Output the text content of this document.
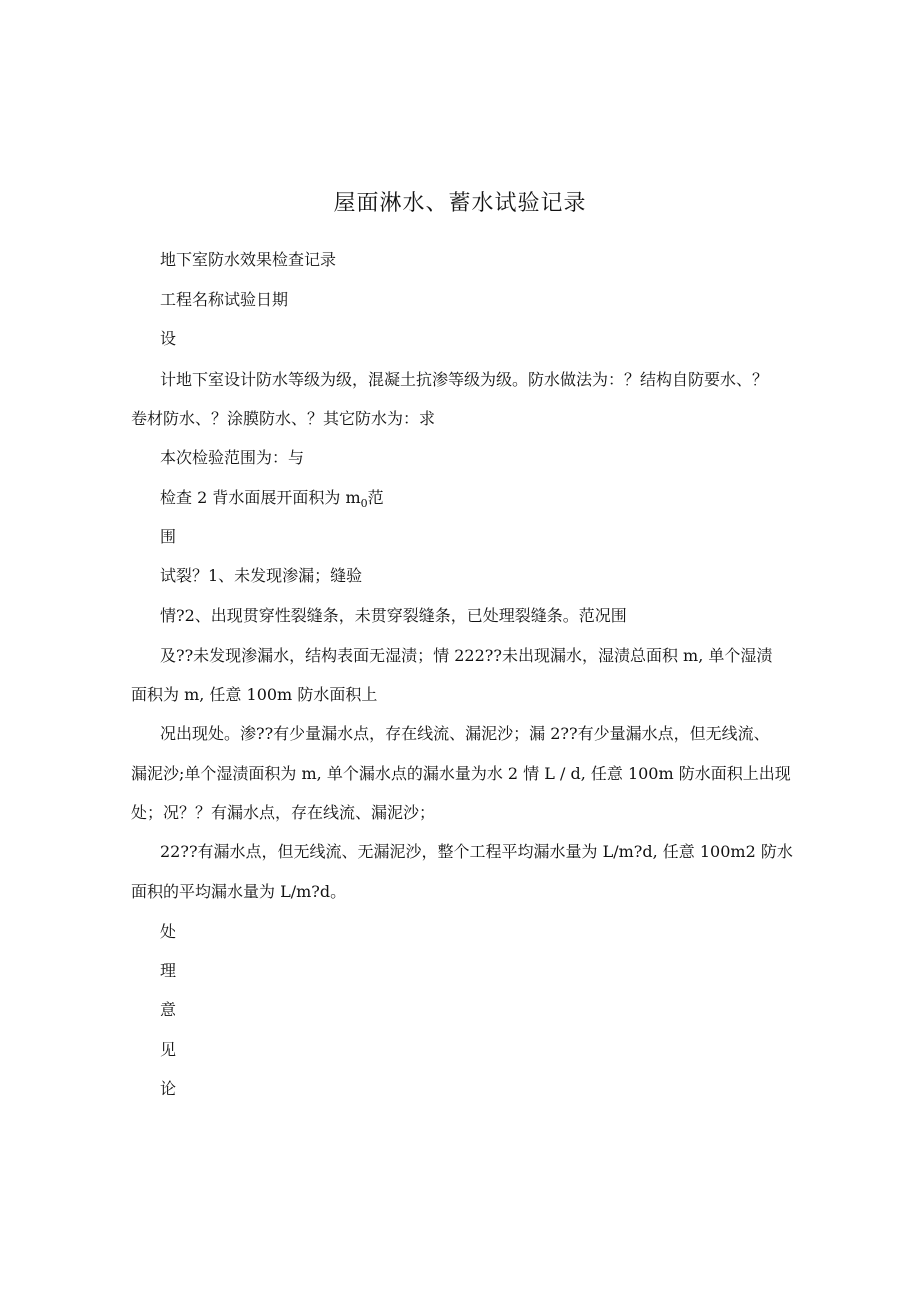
屋面淋水、蓄水试验记录

地下室防水效果检查记录

工程名称试验日期

设

计地下室设计防水等级为级，混凝土抗渗等级为级。防水做法为：？结构自防要水、？

卷材防水、？涂膜防水、？其它防水为：求

本次检验范围为：与

检查 2 背水面展开面积为 $m_0$范

围

试裂？1、未发现渗漏；缝验

情?2、出现贯穿性裂缝条，未贯穿裂缝条，已处理裂缝条。范况围

及??未发现渗漏水，结构表面无湿渍；情 222??未出现漏水，湿渍总面积 m, 单个湿渍

面积为 m, 任意 100m 防水面积上

况出现处。渗??有少量漏水点，存在线流、漏泥沙；漏 2??有少量漏水点，但无线流、

漏泥沙;单个湿渍面积为 m, 单个漏水点的漏水量为水 2 情 L / d, 任意 100m 防水面积上出现

处；况？？有漏水点，存在线流、漏泥沙；

22??有漏水点，但无线流、无漏泥沙，整个工程平均漏水量为 L/m?d, 任意 100m2 防水

面积的平均漏水量为 L/m?d。

处

理

意

见

论
